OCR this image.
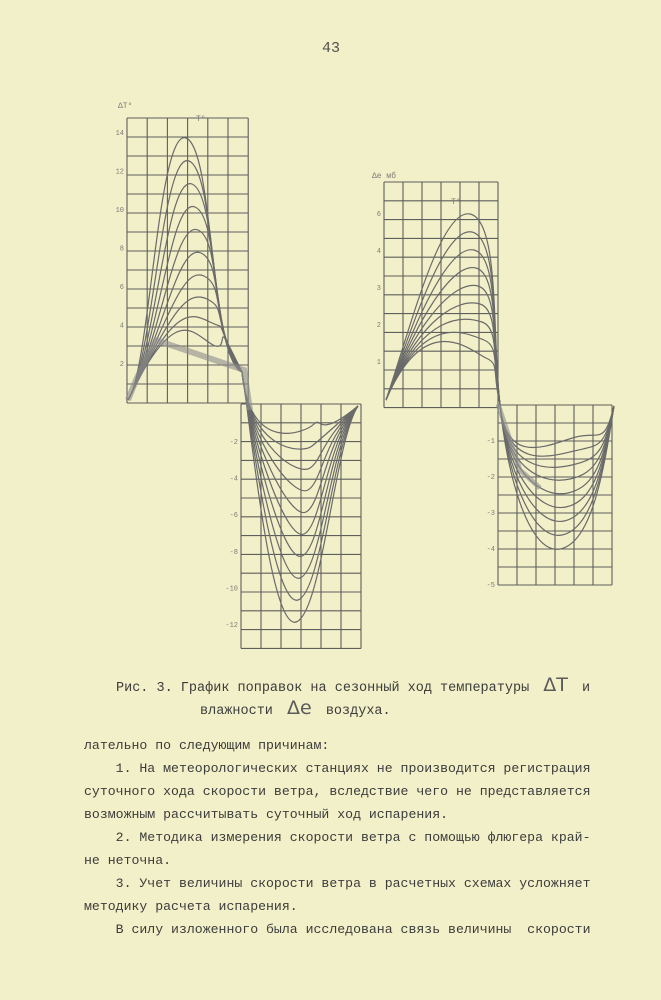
43
14
12
10
8
6
4
2
-2
-4
-6
-8
-10
-12
6
4
3
2
1
-1
-2
-3
-4
-5
ΔT°
T°
Δe мб
T°
Рис. 3. График поправок на сезонный ход температуры ΔT и
влажности Δe воздуха.
лательно по следующим причинам:
1. На метеорологических станциях не производится регистрация
суточного хода скорости ветра, вследствие чего не представляется
возможным рассчитывать суточный ход испарения.
2. Методика измерения скорости ветра с помощью флюгера край-
не неточна.
3. Учет величины скорости ветра в расчетных схемах усложняет
методику расчета испарения.
В силу изложенного была исследована связь величины  скорости
